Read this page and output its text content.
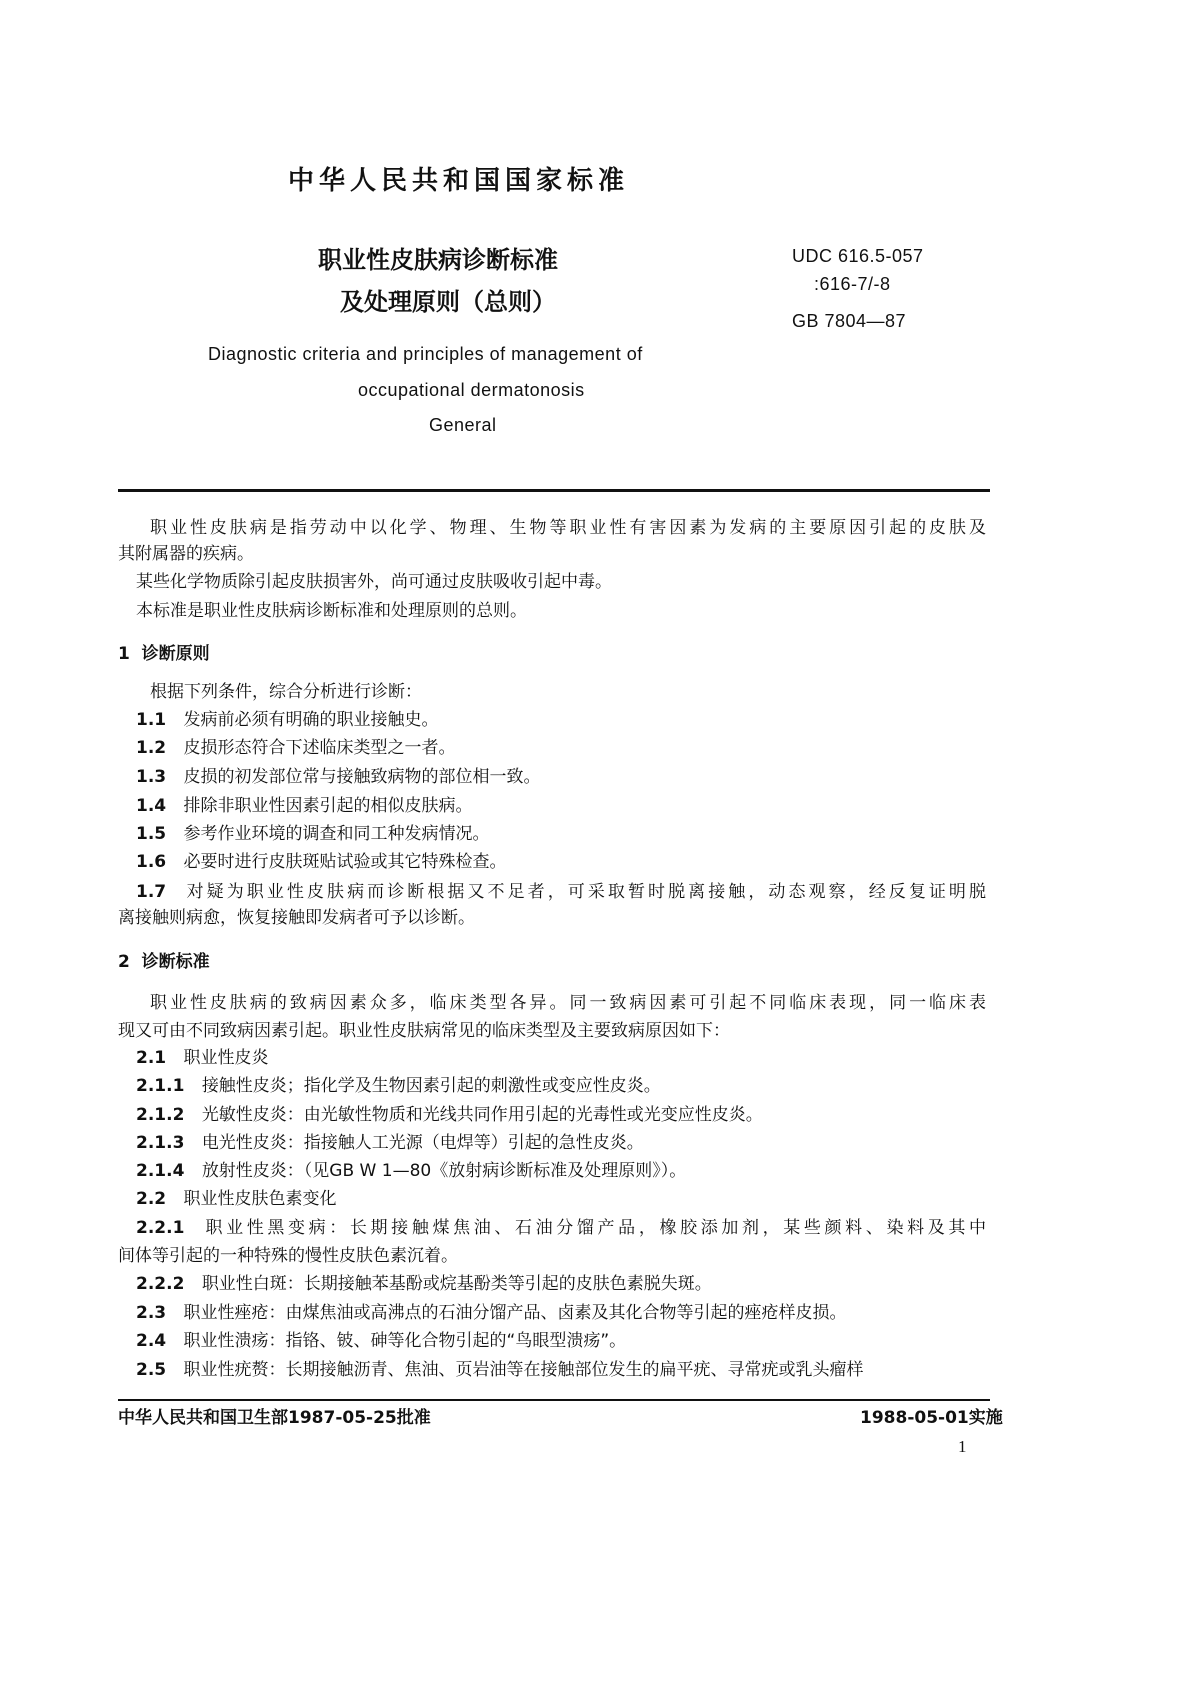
中华人民共和国国家标准
职业性皮肤病诊断标准
及处理原则（总则）
UDC 616.5-057
:616-7/-8
GB 7804—87
Diagnostic criteria and principles of management of
occupational dermatonosis
General
职业性皮肤病是指劳动中以化学、物理、生物等职业性有害因素为发病的主要原因引起的皮肤及
其附属器的疾病。
某些化学物质除引起皮肤损害外，尚可通过皮肤吸收引起中毒。
本标准是职业性皮肤病诊断标准和处理原则的总则。
1  诊断原则
根据下列条件，综合分析进行诊断：
1.1 发病前必须有明确的职业接触史。
1.2 皮损形态符合下述临床类型之一者。
1.3 皮损的初发部位常与接触致病物的部位相一致。
1.4 排除非职业性因素引起的相似皮肤病。
1.5 参考作业环境的调查和同工种发病情况。
1.6 必要时进行皮肤斑贴试验或其它特殊检查。
1.7 对疑为职业性皮肤病而诊断根据又不足者，可采取暂时脱离接触，动态观察，经反复证明脱
离接触则病愈，恢复接触即发病者可予以诊断。
2  诊断标准
职业性皮肤病的致病因素众多，临床类型各异。同一致病因素可引起不同临床表现，同一临床表
现又可由不同致病因素引起。职业性皮肤病常见的临床类型及主要致病原因如下：
2.1 职业性皮炎
2.1.1 接触性皮炎；指化学及生物因素引起的刺激性或变应性皮炎。
2.1.2 光敏性皮炎：由光敏性物质和光线共同作用引起的光毒性或光变应性皮炎。
2.1.3 电光性皮炎：指接触人工光源（电焊等）引起的急性皮炎。
2.1.4 放射性皮炎：（见GB W 1—80《放射病诊断标准及处理原则》）。
2.2 职业性皮肤色素变化
2.2.1 职业性黑变病：长期接触煤焦油、石油分馏产品，橡胶添加剂，某些颜料、染料及其中
间体等引起的一种特殊的慢性皮肤色素沉着。
2.2.2 职业性白斑：长期接触苯基酚或烷基酚类等引起的皮肤色素脱失斑。
2.3 职业性痤疮：由煤焦油或高沸点的石油分馏产品、卤素及其化合物等引起的痤疮样皮损。
2.4 职业性溃疡：指铬、铍、砷等化合物引起的“鸟眼型溃疡”。
2.5 职业性疣赘：长期接触沥青、焦油、页岩油等在接触部位发生的扁平疣、寻常疣或乳头瘤样
中华人民共和国卫生部1987-05-25批准	1988-05-01实施
1
